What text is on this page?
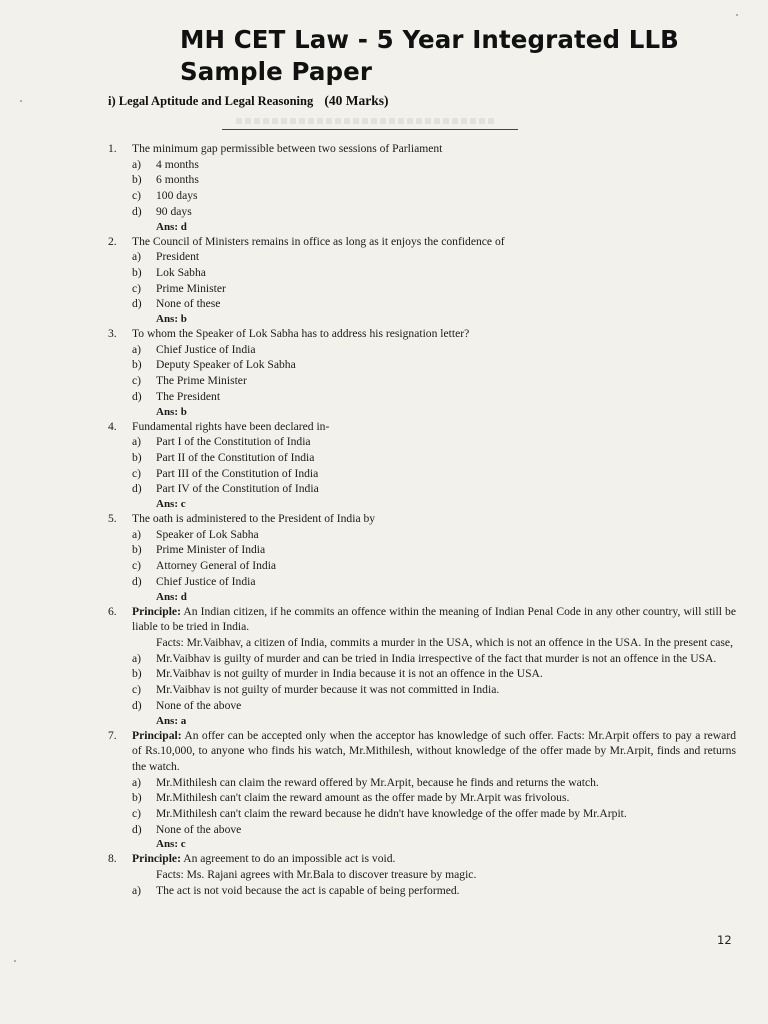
MH CET Law - 5 Year Integrated LLB Sample Paper
i) Legal Aptitude and Legal Reasoning (40 Marks)
1. The minimum gap permissible between two sessions of Parliament
a) 4 months
b) 6 months
c) 100 days
d) 90 days
Ans: d
2. The Council of Ministers remains in office as long as it enjoys the confidence of
a) President
b) Lok Sabha
c) Prime Minister
d) None of these
Ans: b
3. To whom the Speaker of Lok Sabha has to address his resignation letter?
a) Chief Justice of India
b) Deputy Speaker of Lok Sabha
c) The Prime Minister
d) The President
Ans: b
4. Fundamental rights have been declared in-
a) Part I of the Constitution of India
b) Part II of the Constitution of India
c) Part III of the Constitution of India
d) Part IV of the Constitution of India
Ans: c
5. The oath is administered to the President of India by
a) Speaker of Lok Sabha
b) Prime Minister of India
c) Attorney General of India
d) Chief Justice of India
Ans: d
6. Principle: An Indian citizen, if he commits an offence within the meaning of Indian Penal Code in any other country, will still be liable to be tried in India.
Facts: Mr.Vaibhav, a citizen of India, commits a murder in the USA, which is not an offence in the USA. In the present case,
a) Mr.Vaibhav is guilty of murder and can be tried in India irrespective of the fact that murder is not an offence in the USA.
b) Mr.Vaibhav is not guilty of murder in India because it is not an offence in the USA.
c) Mr.Vaibhav is not guilty of murder because it was not committed in India.
d) None of the above
Ans: a
7. Principal: An offer can be accepted only when the acceptor has knowledge of such offer. Facts: Mr.Arpit offers to pay a reward of Rs.10,000, to anyone who finds his watch, Mr.Mithilesh, without knowledge of the offer made by Mr.Arpit, finds and returns the watch.
a) Mr.Mithilesh can claim the reward offered by Mr.Arpit, because he finds and returns the watch.
b) Mr.Mithilesh can't claim the reward amount as the offer made by Mr.Arpit was frivolous.
c) Mr.Mithilesh can't claim the reward because he didn't have knowledge of the offer made by Mr.Arpit.
d) None of the above
Ans: c
8. Principle: An agreement to do an impossible act is void.
Facts: Ms. Rajani agrees with Mr.Bala to discover treasure by magic.
a) The act is not void because the act is capable of being performed.
12
